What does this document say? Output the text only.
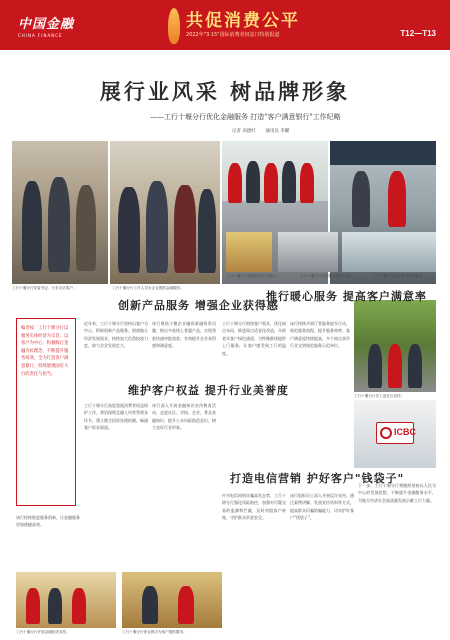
中国金融
CHINA FINANCE
共促消费公平
2022年"3·15"国际消费者权益日特别报道	T12—T13
展行业风采 树品牌形象
——工行十堰分行优化金融服务 打造"客户满意银行"工作纪略
记者 高德红 通讯员 李曜
工行十堰分行党委书记、行长走访客户。	工行十堰分行工作人员为企业提供金融服务。
工行十堰分行积极推进乡村振兴。	工行十堰分行开展服务提升活动。	工行十堰分行营业网点厅堂服务。
工行十堰分行员工进社区宣传。
ICBC

编者按：工行十堰分行以服务实体经济为宗旨，以客户为中心，积极践行金融为民理念，不断提升服务质效，全力打造客户满意银行，持续展现国有大行的责任与担当。

创新产品服务 增强企业获得感
推行暖心服务 提高客户满意率
维护客户权益 提升行业美誉度
打造电信营销 护好客户"钱袋子"
近年来，工行十堰分行坚持以客户为中心，积极创新产品服务，围绕地方经济发展需求，持续加大信贷投放力度，助力企业发展壮大。
该行聚焦小微企业融资难融资贵问题，推出多款线上普惠产品，实现贷款快速审批放款，有效提升企业获得感和满意度。
工行十堰分行围绕客户需求，优化网点布局，推进网点适老化改造，开辟老年客户绿色通道，为特殊群体提供上门服务，让客户感受到工行的温度。
该行持续开展厅堂服务提升行动，规范服务流程，提升服务效率，客户满意度持续提高，多个网点获评行业文明规范服务示范单位。
工行十堰分行高度重视消费者权益保护工作，将消保理念融入经营管理各环节，建立健全投诉处理机制，畅通客户诉求渠道。
该行深入开展金融知识宣传教育活动，走进社区、学校、企业，普及金融知识，提升公众风险防范意识，树立良好行业形象。
针对电信网络诈骗高发态势，工行十堰分行强化风险防控，加强对可疑交易的监测和拦截，及时劝阻客户转账，守护群众资金安全。
该行组织员工深入开展反诈宣传，通过案例讲解、发放宣传资料等方式，提高群众识骗防骗能力，切实护好客户"钱袋子"。
下一步，工行十堰分行将继续坚持以人民为中心的发展思想，不断提升金融服务水平，为地方经济社会高质量发展贡献工行力量。
该行持续推进服务创新，让金融服务更加便捷高效。
工行十堰分行开展金融知识宣传。	工行十堰分行营业网点为客户提供服务。
